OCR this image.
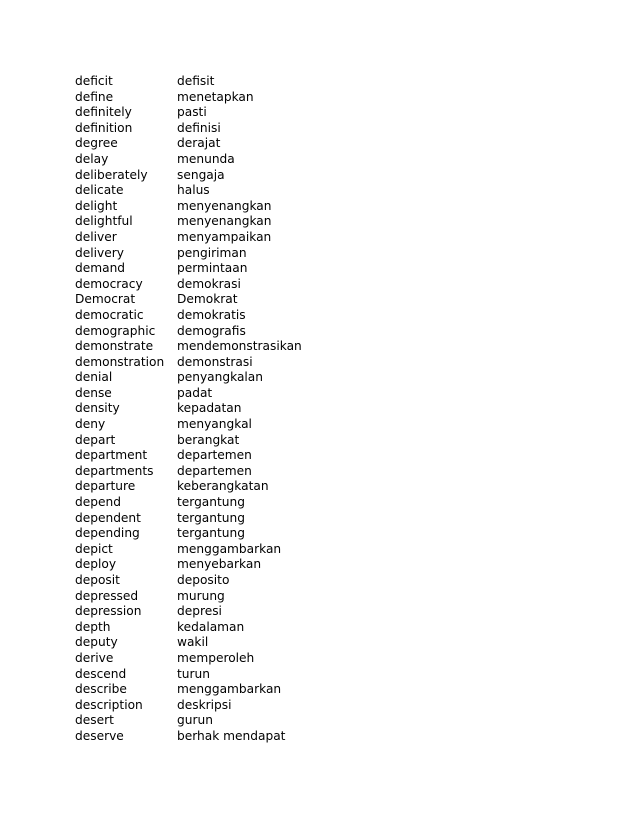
deficit	defisit
define	menetapkan
definitely	pasti
definition	definisi
degree	derajat
delay	menunda
deliberately	sengaja
delicate	halus
delight	menyenangkan
delightful	menyenangkan
deliver	menyampaikan
delivery	pengiriman
demand	permintaan
democracy	demokrasi
Democrat	Demokrat
democratic	demokratis
demographic	demografis
demonstrate	mendemonstrasikan
demonstration	demonstrasi
denial	penyangkalan
dense	padat
density	kepadatan
deny	menyangkal
depart	berangkat
department	departemen
departments	departemen
departure	keberangkatan
depend	tergantung
dependent	tergantung
depending	tergantung
depict	menggambarkan
deploy	menyebarkan
deposit	deposito
depressed	murung
depression	depresi
depth	kedalaman
deputy	wakil
derive	memperoleh
descend	turun
describe	menggambarkan
description	deskripsi
desert	gurun
deserve	berhak mendapat
